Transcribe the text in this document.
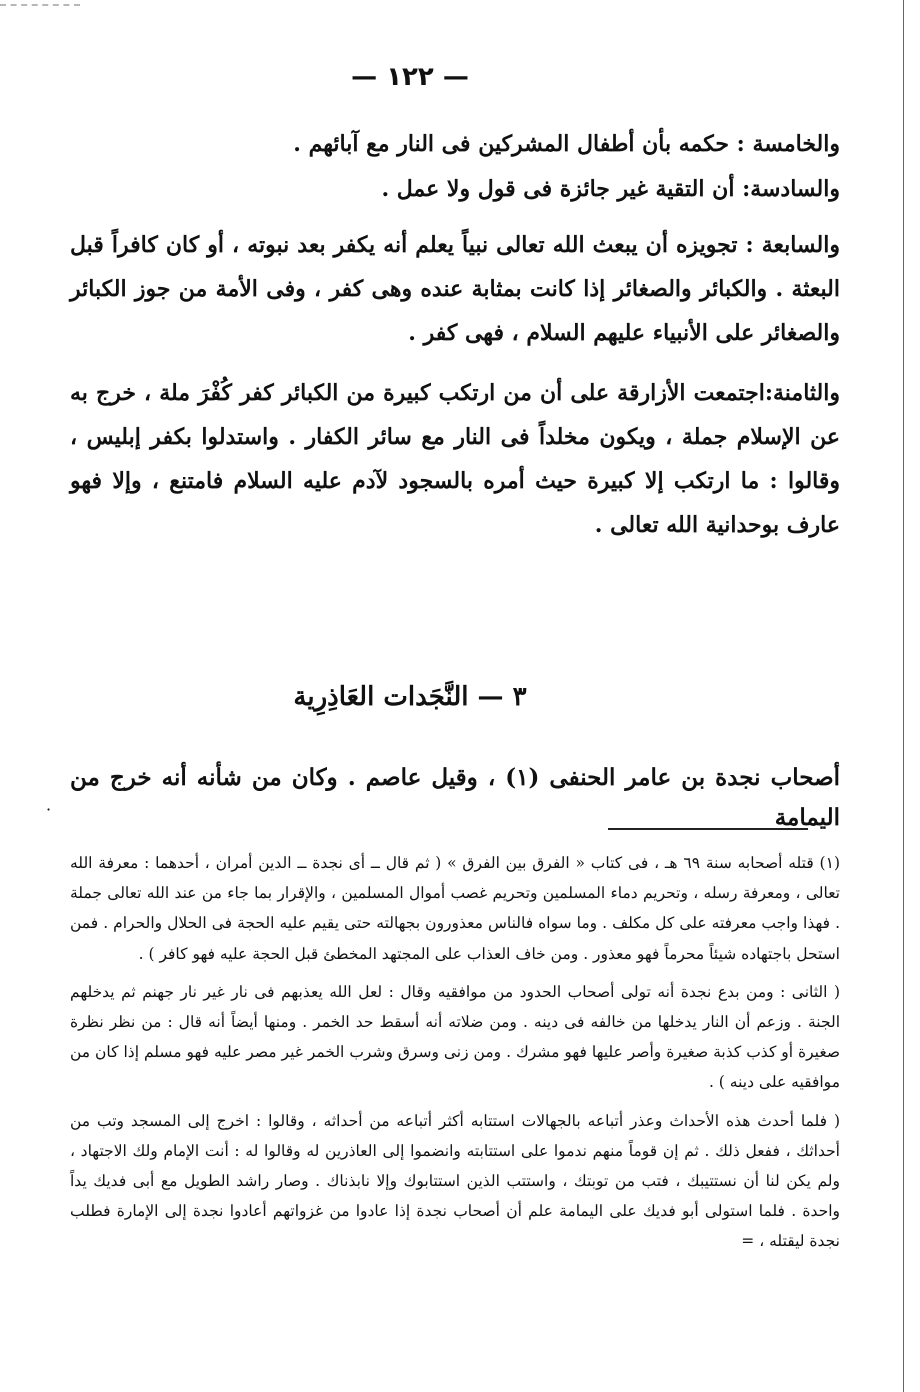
— ١٢٢ —

والخامسة : حكمه بأن أطفال المشركين فى النار مع آبائهم .

والسادسة: أن التقية غير جائزة فى قول ولا عمل .

والسابعة : تجويزه أن يبعث الله تعالى نبياً يعلم أنه يكفر بعد نبوته ، أو كان كافراً قبل البعثة . والكبائر والصغائر إذا كانت بمثابة عنده وهى كفر ، وفى الأمة من جوز الكبائر والصغائر على الأنبياء عليهم السلام ، فهى كفر .

والثامنة:اجتمعت الأزارقة على أن من ارتكب كبيرة من الكبائر كفر كُفْرَ ملة ، خرج به عن الإسلام جملة ، ويكون مخلداً فى النار مع سائر الكفار . واستدلوا بكفر إبليس ، وقالوا : ما ارتكب إلا كبيرة حيث أمره بالسجود لآدم عليه السلام فامتنع ، وإلا فهو عارف بوحدانية الله تعالى .

٣ — النَّجَدات العَاذِرِية
أصحاب نجدة بن عامر الحنفى (١) ، وقيل عاصم . وكان من شأنه أنه خرج من اليمامة
·

(١) قتله أصحابه سنة ٦٩ هـ ، فى كتاب « الفرق بين الفرق » ( ثم قال ــ أى نجدة ــ الدين أمران ، أحدهما : معرفة الله تعالى ، ومعرفة رسله ، وتحريم دماء المسلمين وتحريم غصب أموال المسلمين ، والإقرار بما جاء من عند الله تعالى جملة . فهذا واجب معرفته على كل مكلف . وما سواه فالناس معذورون بجهالته حتى يقيم عليه الحجة فى الحلال والحرام . فمن استحل باجتهاده شيئاً محرماً فهو معذور . ومن خاف العذاب على المجتهد المخطئ قبل الحجة عليه فهو كافر ) .

( الثانى : ومن بدع نجدة أنه تولى أصحاب الحدود من موافقيه وقال : لعل الله يعذبهم فى نار غير نار جهنم ثم يدخلهم الجنة . وزعم أن النار يدخلها من خالفه فى دينه . ومن ضلاته أنه أسقط حد الخمر . ومنها أيضاً أنه قال : من نظر نظرة صغيرة أو كذب كذبة صغيرة وأصر عليها فهو مشرك . ومن زنى وسرق وشرب الخمر غير مصر عليه فهو مسلم إذا كان من موافقيه على دينه ) .

( فلما أحدث هذه الأحداث وعذر أتباعه بالجهالات استتابه أكثر أتباعه من أحداثه ، وقالوا : اخرج إلى المسجد وتب من أحداثك ، ففعل ذلك . ثم إن قوماً منهم ندموا على استتابته وانضموا إلى العاذرين له وقالوا له : أنت الإمام ولك الاجتهاد ، ولم يكن لنا أن نستتيبك ، فتب من توبتك ، واستتب الذين استتابوك وإلا نابذناك . وصار راشد الطويل مع أبى فديك يداً واحدة . فلما استولى أبو فديك على اليمامة علم أن أصحاب نجدة إذا عادوا من غزواتهم أعادوا نجدة إلى الإمارة فطلب نجدة ليقتله ، =
